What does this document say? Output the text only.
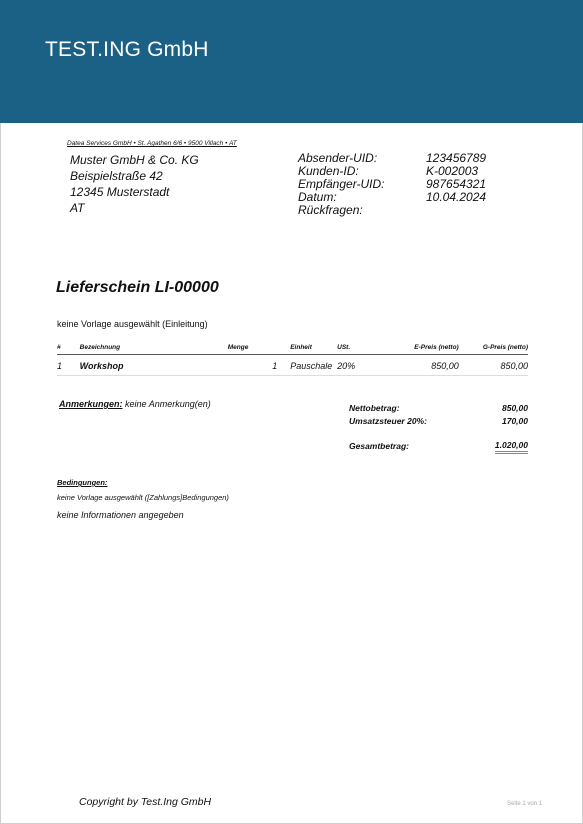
TEST.ING GmbH
Datea Services GmbH • St. Agathen 6/6 • 9500 Villach • AT
Muster GmbH & Co. KG
Beispielstraße 42
12345 Musterstadt
AT
Absender-UID:	123456789
Kunden-ID:	K-002003
Empfänger-UID:	987654321
Datum:	10.04.2024
Rückfragen:
Lieferschein LI-00000
keine Vorlage ausgewählt (Einleitung)
#	Bezeichnung	Menge	Einheit	USt.	E-Preis (netto)	G-Preis (netto)
1	Workshop	1	Pauschale	20%	850,00	850,00
Anmerkungen: keine Anmerkung(en)	Nettobetrag:	850,00
Umsatzsteuer 20%:	170,00
Gesamtbetrag:	1.020,00
Bedingungen:
keine Vorlage ausgewählt ([Zahlungs]Bedingungen)
keine Informationen angegeben
Copyright by Test.Ing GmbH	Seite 1 von 1
